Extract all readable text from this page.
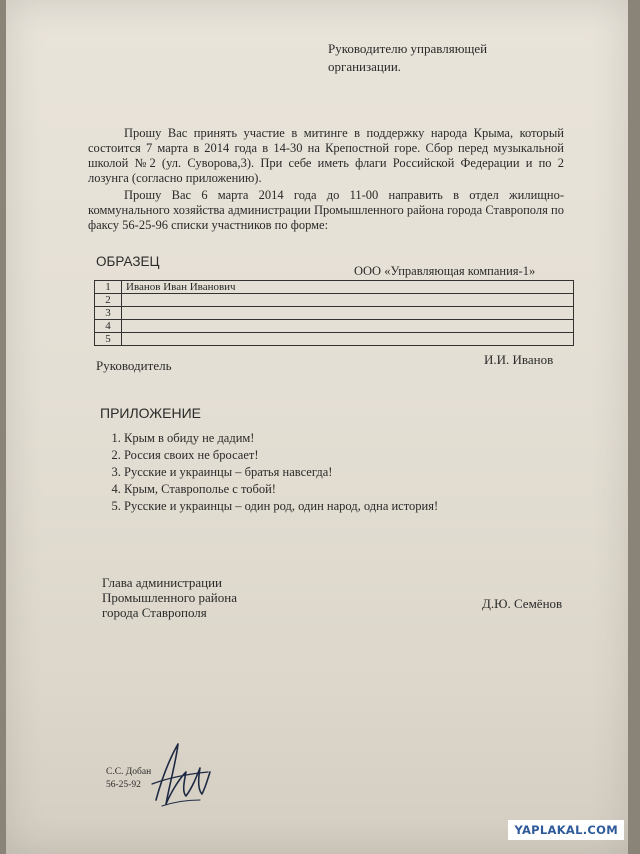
Руководителю управляющей
организации.
Прошу Вас принять участие в митинге в поддержку народа Крыма, который состоится 7 марта в 2014 года в 14-30 на Крепостной горе. Сбор перед музыкальной школой №2 (ул. Суворова,3). При себе иметь флаги Российской Федерации и по 2 лозунга (согласно приложению).
Прошу Вас 6 марта 2014 года до 11-00 направить в отдел жилищно-коммунального хозяйства администрации Промышленного района города Ставрополя по факсу 56-25-96 списки участников по форме:
ОБРАЗЕЦ
ООО «Управляющая компания-1»
1	Иванов Иван Иванович
2	
3	
4	
5	
Руководитель	И.И. Иванов
ПРИЛОЖЕНИЕ
1. Крым в обиду не дадим!
2. Россия своих не бросает!
3. Русские и украинцы – братья навсегда!
4. Крым, Ставрополье с тобой!
5. Русские и украинцы – один род, один народ, одна история!
Глава администрации Промышленного района города Ставрополя
Д.Ю. Семёнов
С.С. Добан
56-25-92
YAPLAKAL.COM
